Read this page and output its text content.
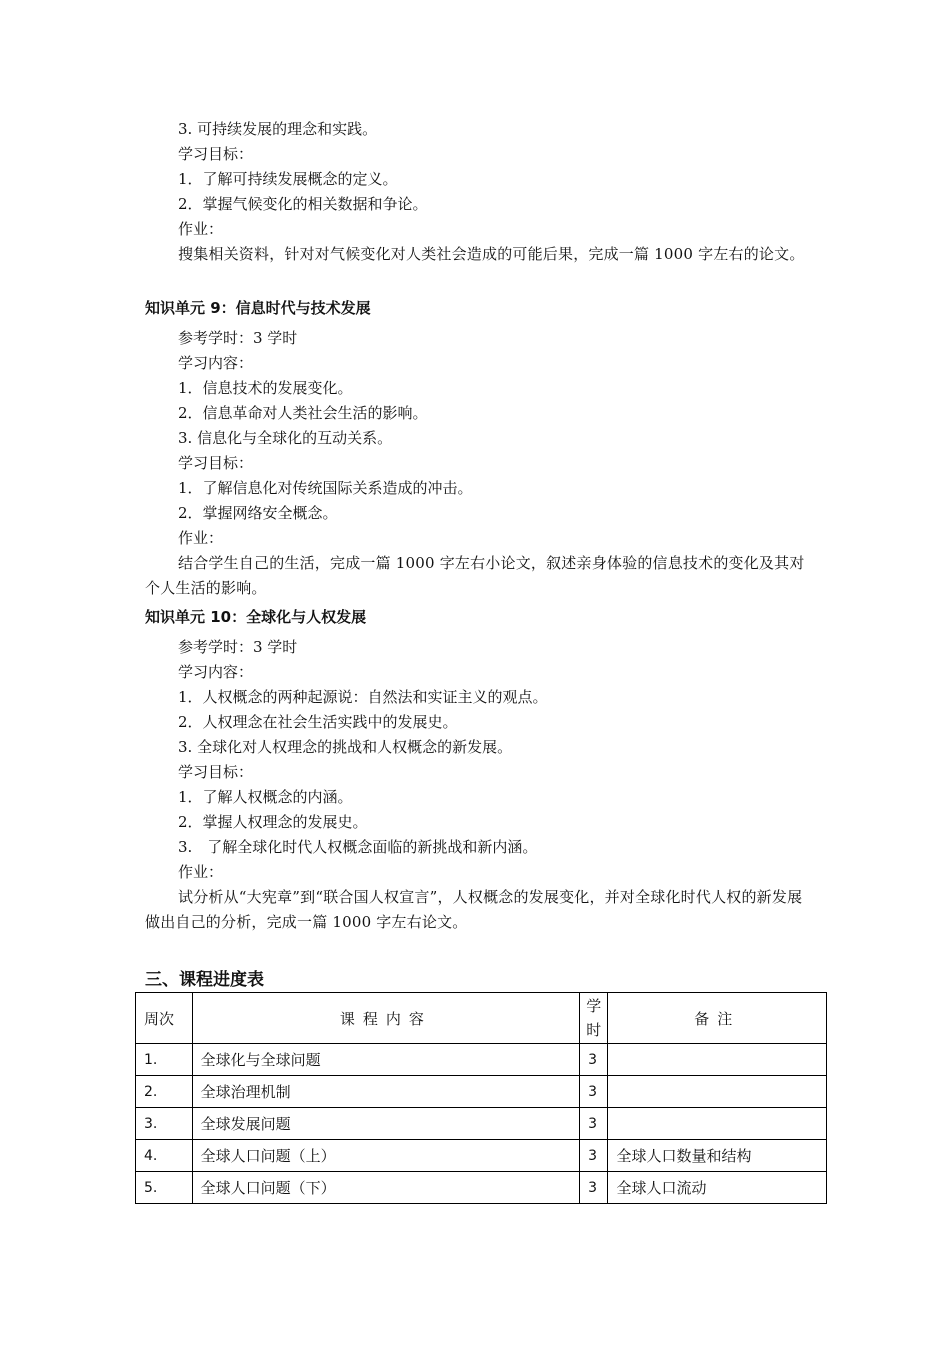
3. 可持续发展的理念和实践。
学习目标：
1．了解可持续发展概念的定义。
2．掌握气候变化的相关数据和争论。
作业：
搜集相关资料，针对对气候变化对人类社会造成的可能后果，完成一篇 1000 字左右的论文。
知识单元 9：信息时代与技术发展
参考学时：3 学时
学习内容：
1．信息技术的发展变化。
2．信息革命对人类社会生活的影响。
3. 信息化与全球化的互动关系。
学习目标：
1．了解信息化对传统国际关系造成的冲击。
2．掌握网络安全概念。
作业：
结合学生自己的生活，完成一篇 1000 字左右小论文，叙述亲身体验的信息技术的变化及其对个人生活的影响。
知识单元 10：全球化与人权发展
参考学时：3 学时
学习内容：
1．人权概念的两种起源说：自然法和实证主义的观点。
2．人权理念在社会生活实践中的发展史。
3. 全球化对人权理念的挑战和人权概念的新发展。
学习目标：
1．了解人权概念的内涵。
2．掌握人权理念的发展史。
3.　了解全球化时代人权概念面临的新挑战和新内涵。
作业：
试分析从“大宪章”到“联合国人权宣言”，人权概念的发展变化，并对全球化时代人权的新发展做出自己的分析，完成一篇 1000 字左右论文。
三、课程进度表
周次	课程内容	学时	备注
1.	全球化与全球问题	3	
2.	全球治理机制	3	
3.	全球发展问题	3	
4.	全球人口问题（上）	3	全球人口数量和结构
5.	全球人口问题（下）	3	全球人口流动
